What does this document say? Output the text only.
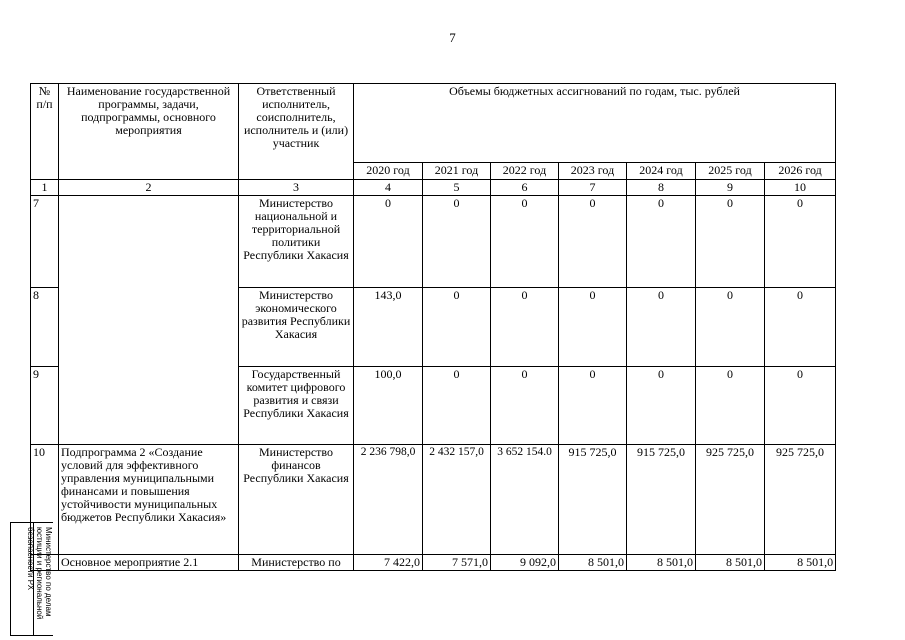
7
№ п/п	Наименование государственной программы, задачи, подпрограммы, основного мероприятия	Ответственный исполнитель, соисполнитель, исполнитель и (или) участник	Объемы бюджетных ассигнований по годам, тыс. рублей						
			2020 год	2021 год	2022 год	2023 год	2024 год	2025 год	2026 год
1	2	3	4	5	6	7	8	9	10
7		Министерство национальной и территориальной политики Республики Хакасия	0	0	0	0	0	0	0
8		Министерство экономического развития Республики Хакасия	143,0	0	0	0	0	0	0
9		Государственный комитет цифрового развития и связи Республики Хакасия	100,0	0	0	0	0	0	0
10	Подпрограмма 2 «Создание условий для эффективного управления муниципальными финансами и повышения устойчивости муниципальных бюджетов Республики Хакасия»	Министерство финансов Республики Хакасия	2 236 798,0	2 432 157,0	3 652 154.0	915 725,0	915 725,0	925 725,0	925 725,0
	Основное мероприятие 2.1	Министерство по	7 422,0	7 571,0	9 092,0	8 501,0	8 501,0	8 501,0	8 501,0
Министерство по делам
юстиции и региональной
безопасности РХ
